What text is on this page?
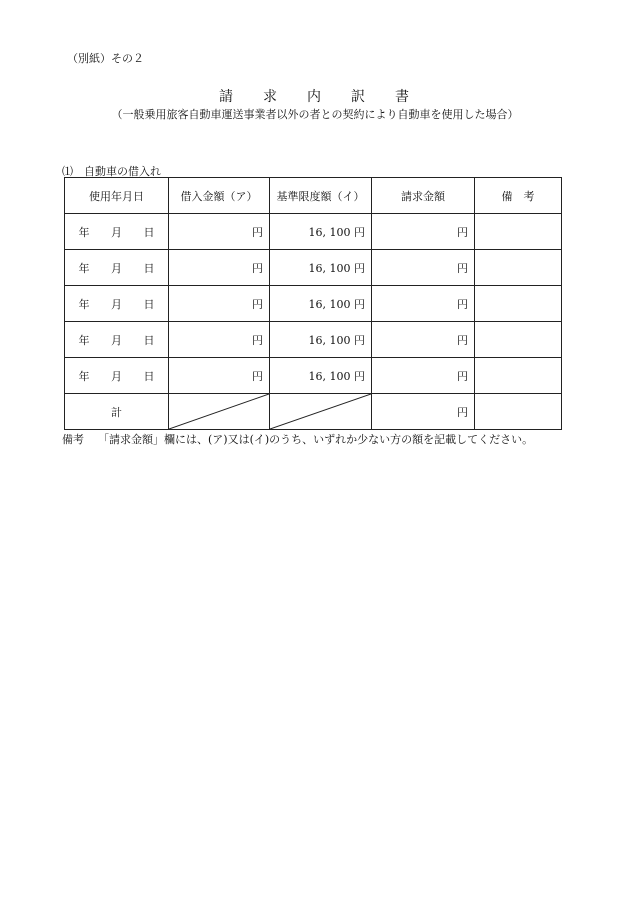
（別紙）その２
請 求 内 訳 書
（一般乗用旅客自動車運送事業者以外の者との契約により自動車を使用した場合）
⑴　自動車の借入れ
使用年月日	借入金額（ア）	基準限度額（イ）	請求金額	備　考
年 月 日	円	16, 100 円	円	
年 月 日	円	16, 100 円	円	
年 月 日	円	16, 100 円	円	
年 月 日	円	16, 100 円	円	
年 月 日	円	16, 100 円	円	
計			円	
備考 「請求金額」欄には、(ア)又は(イ)のうち、いずれか少ない方の額を記載してください。
